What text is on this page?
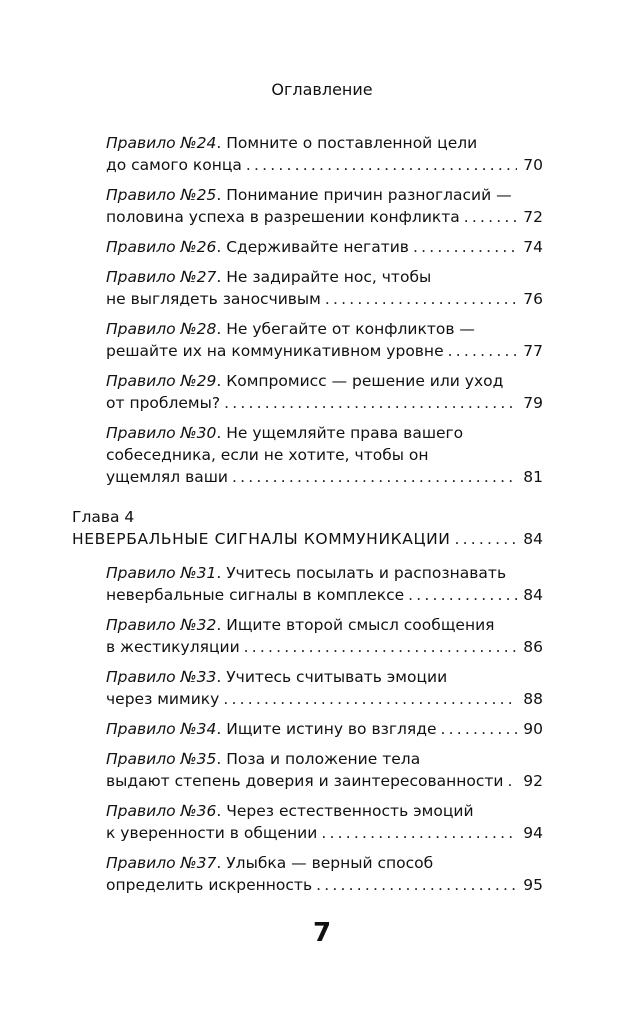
Оглавление
Правило №24. Помните о поставленной цели
до самого конца .....	70
Правило №25. Понимание причин разногласий —
половина успеха в разрешении конфликта .....	72
Правило №26. Сдерживайте негатив .....	74
Правило №27. Не задирайте нос, чтобы
не выглядеть заносчивым .....	76
Правило №28. Не убегайте от конфликтов —
решайте их на коммуникативном уровне .....	77
Правило №29. Компромисс — решение или уход
от проблемы? .....	79
Правило №30. Не ущемляйте права вашего
собеседника, если не хотите, чтобы он
ущемлял ваши .....	81
Глава 4
НЕВЕРБАЛЬНЫЕ СИГНАЛЫ КОММУНИКАЦИИ .....	84
Правило №31. Учитесь посылать и распознавать
невербальные сигналы в комплексе .....	84
Правило №32. Ищите второй смысл сообщения
в жестикуляции .....	86
Правило №33. Учитесь считывать эмоции
через мимику .....	88
Правило №34. Ищите истину во взгляде .....	90
Правило №35. Поза и положение тела
выдают степень доверия и заинтересованности ..... 92
Правило №36. Через естественность эмоций
к уверенности в общении .....	94
Правило №37. Улыбка — верный способ
определить искренность .....	95
7
